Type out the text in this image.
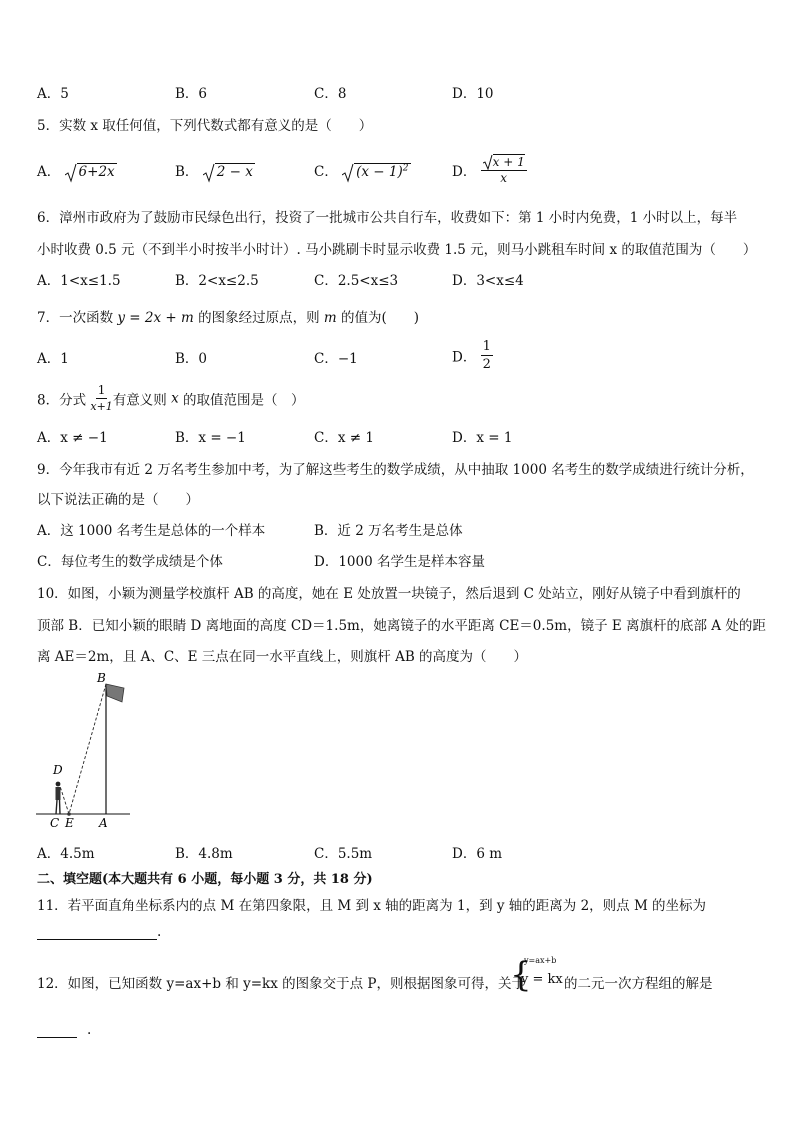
A．5	B．6	C．8	D．10
5．实数 x 取任何值，下列代数式都有意义的是（　　）
A． 6+2x	B． 2 − x	C． $(x - 1)^2$	D． $\frac{x + 1}{x}$
6．漳州市政府为了鼓励市民绿色出行，投资了一批城市公共自行车，收费如下：第 1 小时内免费，1 小时以上，每半
小时收费 0.5 元（不到半小时按半小时计）. 马小跳刷卡时显示收费 1.5 元，则马小跳租车时间 x 的取值范围为（　　）
A．1<x≤1.5	B．2<x≤2.5	C．2.5<x≤3	D．3<x≤4
7．一次函数 y = 2x + m 的图象经过原点，则 m 的值为(　　)
A．1	B．0	C．−1	D． $\frac{1}{2}$
8．分式 $\frac{1}{x+1}$ 有意义则 x 的取值范围是（　）
A．x ≠ −1	B．x = −1	C．x ≠ 1	D．x = 1
9．今年我市有近 2 万名考生参加中考，为了解这些考生的数学成绩，从中抽取 1000 名考生的数学成绩进行统计分析，
以下说法正确的是（　　）
A．这 1000 名考生是总体的一个样本	B．近 2 万名考生是总体
C．每位考生的数学成绩是个体	D．1000 名学生是样本容量
10．如图，小颖为测量学校旗杆 AB 的高度，她在 E 处放置一块镜子，然后退到 C 处站立，刚好从镜子中看到旗杆的
顶部 B．已知小颖的眼睛 D 离地面的高度 CD＝1.5m，她离镜子的水平距离 CE＝0.5m，镜子 E 离旗杆的底部 A 处的距
离 AE＝2m，且 A、C、E 三点在同一水平直线上，则旗杆 AB 的高度为（　　）
B
D
C E A
A．4.5m	B．4.8m	C．5.5m	D．6 m
二、填空题(本大题共有 6 小题，每小题 3 分，共 18 分)
11．若平面直角坐标系内的点 M 在第四象限，且 M 到 x 轴的距离为 1，到 y 轴的距离为 2，则点 M 的坐标为
.
12．如图，已知函数 y=ax+b 和 y=kx 的图象交于点 P，则根据图象可得，关于
{
y=ax+b
y = kx 的二元一次方程组的解是
.
